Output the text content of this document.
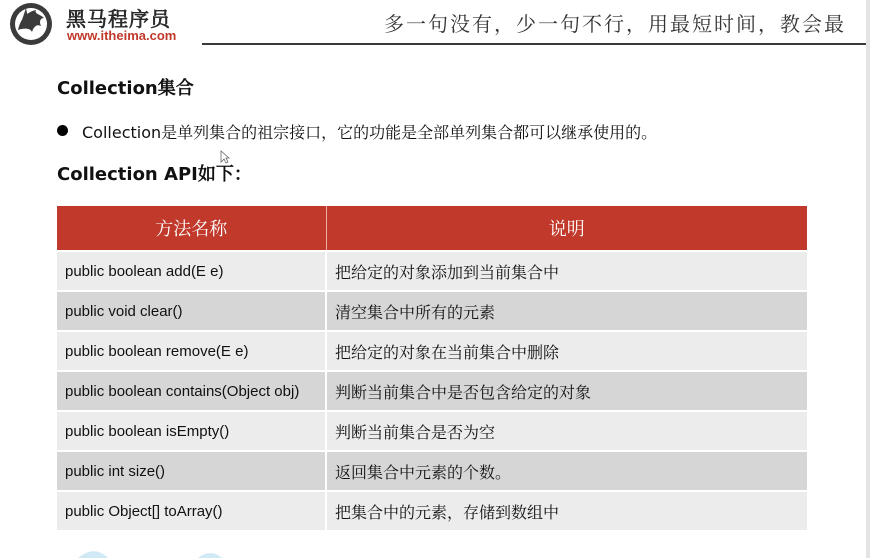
黑马程序员
www.itheima.com	多一句没有，少一句不行，用最短时间，教会最
Collection集合
Collection是单列集合的祖宗接口，它的功能是全部单列集合都可以继承使用的。
Collection API如下：
方法名称	说明
public boolean add(E e)	把给定的对象添加到当前集合中
public void clear()	清空集合中所有的元素
public boolean remove(E e)	把给定的对象在当前集合中删除
public boolean contains(Object obj)	判断当前集合中是否包含给定的对象
public boolean isEmpty()	判断当前集合是否为空
public int size()	返回集合中元素的个数。
public Object[] toArray()	把集合中的元素，存储到数组中
